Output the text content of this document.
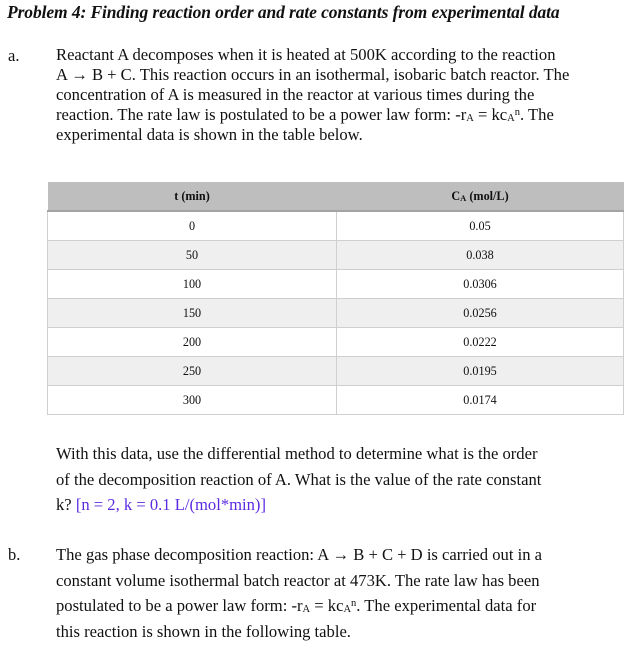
Problem 4: Finding reaction order and rate constants from experimental data
a. Reactant A decomposes when it is heated at 500K according to the reaction
A → B + C. This reaction occurs in an isothermal, isobaric batch reactor. The
concentration of A is measured in the reactor at various times during the
reaction. The rate law is postulated to be a power law form: -rA = kcA$^n$. The
experimental data is shown in the table below.
t (min)	CA (mol/L)
0	0.05
50	0.038
100	0.0306
150	0.0256
200	0.0222
250	0.0195
300	0.0174
With this data, use the differential method to determine what is the order
of the decomposition reaction of A. What is the value of the rate constant
k? [n = 2, k = 0.1 L/(mol*min)]
b. The gas phase decomposition reaction: A → B + C + D is carried out in a
constant volume isothermal batch reactor at 473K. The rate law has been
postulated to be a power law form: -rA = kcA$^n$. The experimental data for
this reaction is shown in the following table.
